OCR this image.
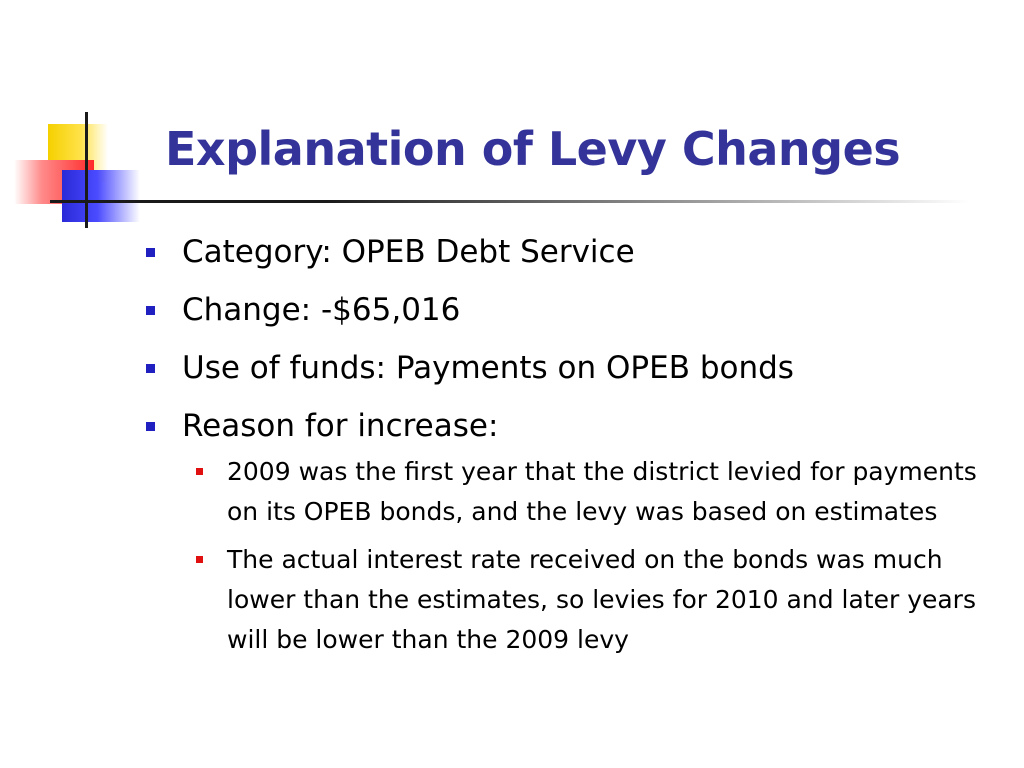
Explanation of Levy Changes
Category: OPEB Debt Service
Change: -$65,016
Use of funds: Payments on OPEB bonds
Reason for increase:
2009 was the first year that the district levied for payments on its OPEB bonds, and the levy was based on estimates
The actual interest rate received on the bonds was much lower than the estimates, so levies for 2010 and later years will be lower than the 2009 levy
